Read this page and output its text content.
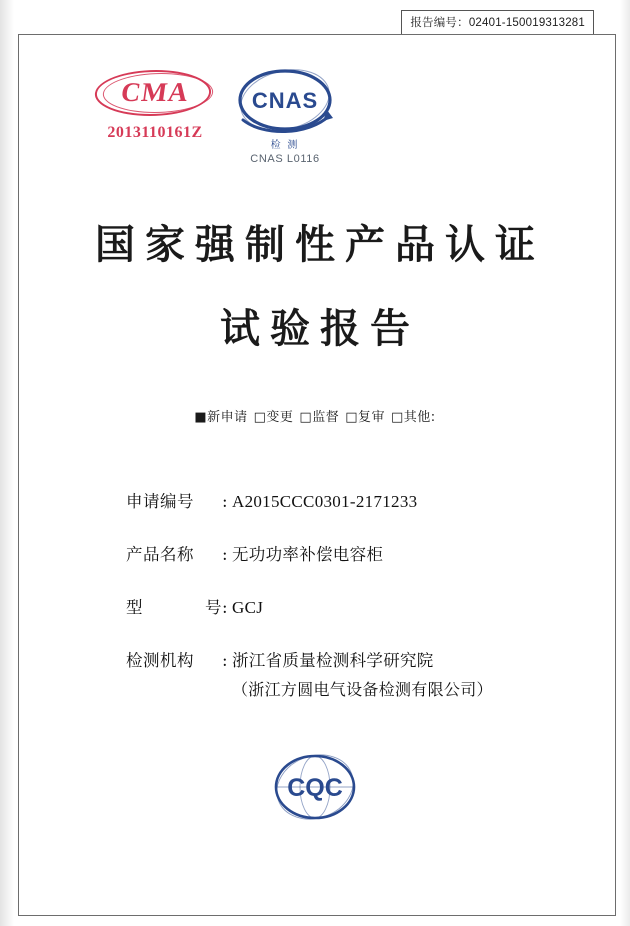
报告编号：02401-150019313281
CMA
2013110161Z
CNAS
检 测
CNAS L0116
国家强制性产品认证
试验报告
■新申请 □变更 □监督 □复审 □其他:
申请编号	: A2015CCC0301-2171233
产品名称	: 无功功率补偿电容柜
型	号 : GCJ
检测机构	: 浙江省质量检测科学研究院
（浙江方圆电气设备检测有限公司）
CQC
